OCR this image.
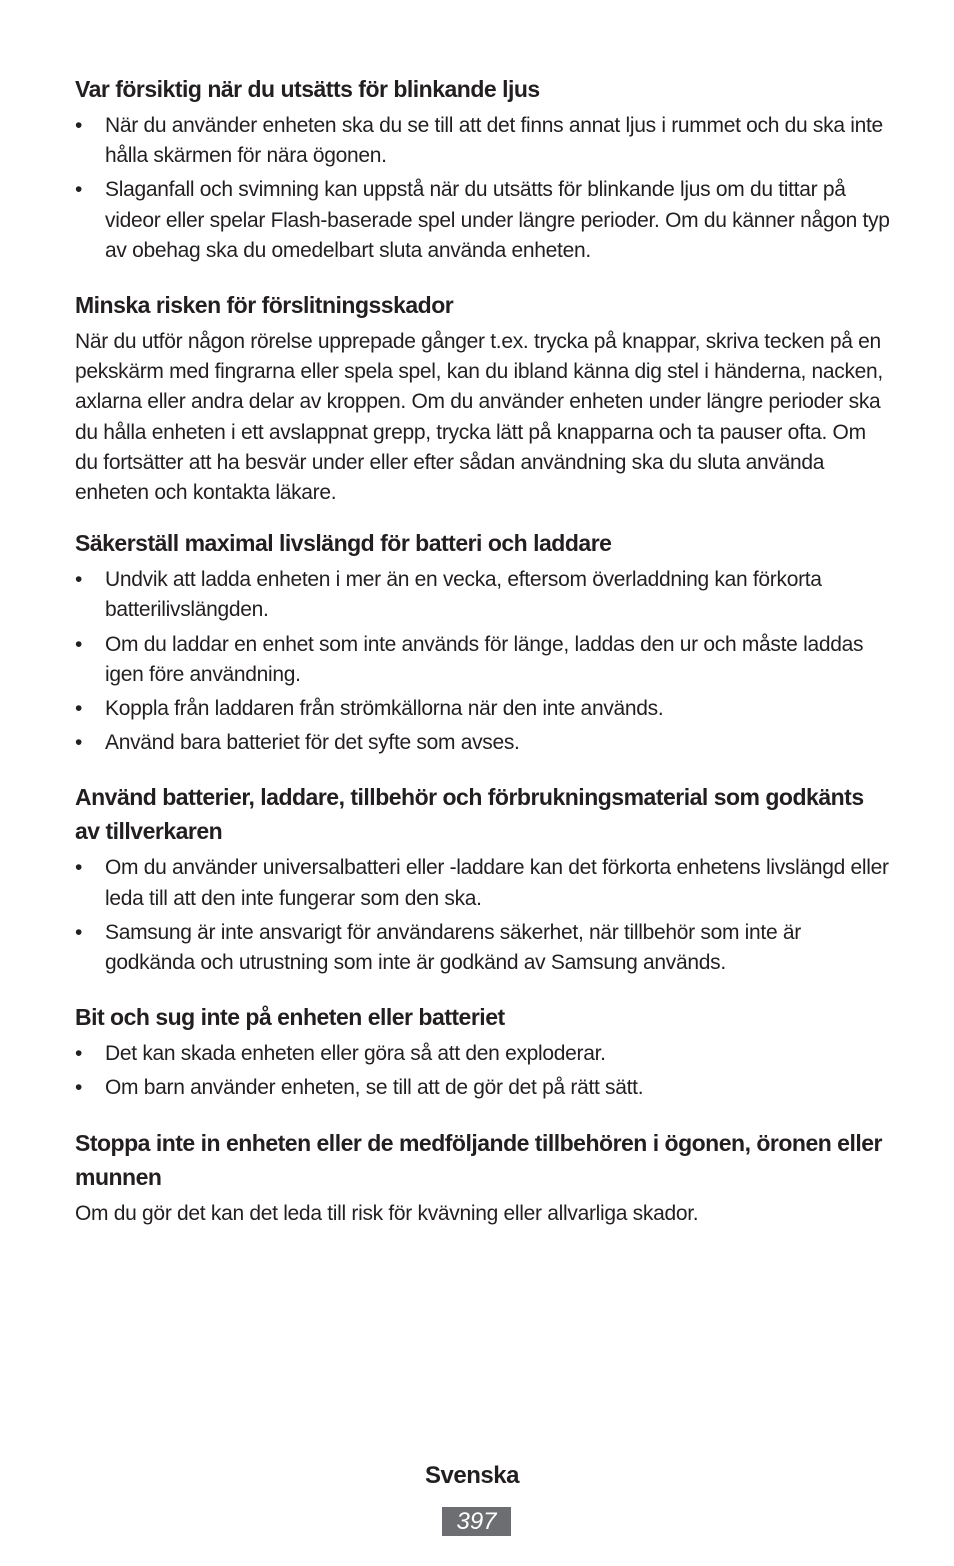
Var försiktig när du utsätts för blinkande ljus
• När du använder enheten ska du se till att det finns annat ljus i rummet och du ska inte hålla skärmen för nära ögonen.
• Slaganfall och svimning kan uppstå när du utsätts för blinkande ljus om du tittar på videor eller spelar Flash-baserade spel under längre perioder. Om du känner någon typ av obehag ska du omedelbart sluta använda enheten.
Minska risken för förslitningsskador

När du utför någon rörelse upprepade gånger t.ex. trycka på knappar, skriva tecken på en pekskärm med fingrarna eller spela spel, kan du ibland känna dig stel i händerna, nacken, axlarna eller andra delar av kroppen. Om du använder enheten under längre perioder ska du hålla enheten i ett avslappnat grepp, trycka lätt på knapparna och ta pauser ofta. Om du fortsätter att ha besvär under eller efter sådan användning ska du sluta använda enheten och kontakta läkare.

Säkerställ maximal livslängd för batteri och laddare
• Undvik att ladda enheten i mer än en vecka, eftersom överladdning kan förkorta batterilivslängden.
• Om du laddar en enhet som inte används för länge, laddas den ur och måste laddas igen före användning.
• Koppla från laddaren från strömkällorna när den inte används.
• Använd bara batteriet för det syfte som avses.
Använd batterier, laddare, tillbehör och förbrukningsmaterial som godkänts av tillverkaren
• Om du använder universalbatteri eller -laddare kan det förkorta enhetens livslängd eller leda till att den inte fungerar som den ska.
• Samsung är inte ansvarigt för användarens säkerhet, när tillbehör som inte är godkända och utrustning som inte är godkänd av Samsung används.
Bit och sug inte på enheten eller batteriet
• Det kan skada enheten eller göra så att den exploderar.
• Om barn använder enheten, se till att de gör det på rätt sätt.
Stoppa inte in enheten eller de medföljande tillbehören i ögonen, öronen eller munnen

Om du gör det kan det leda till risk för kvävning eller allvarliga skador.

Svenska
397
